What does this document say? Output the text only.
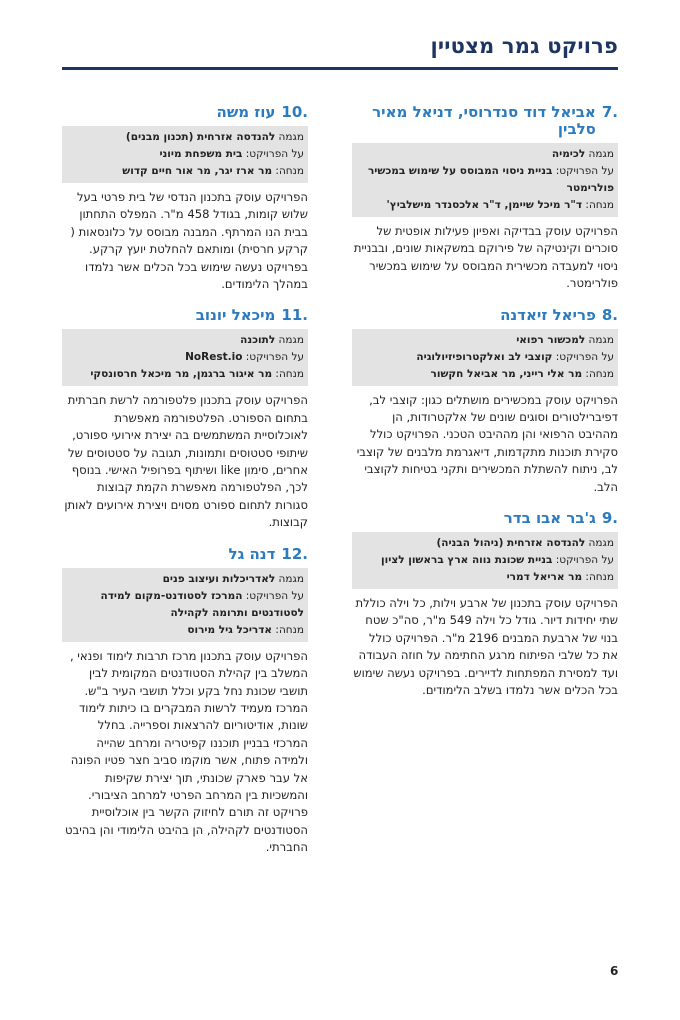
פרויקט גמר מצטיין
7.
אביאל דוד סנדרוסי, דניאל מאיר סלבין
מגמה לכימיה
על הפרויקט: בניית ניסוי המבוסס על שימוש במכשיר פולרימטר
מנחה: ד"ר מיכל שיימן, ד"ר אלכסנדר מישלביץ'

הפרויקט עוסק בבדיקה ואפיון פעילות אופטית של סוכרים וקינטיקה של פירוקם במשקאות שונים, ובבניית ניסוי למעבדה מכשירית המבוסס על שימוש במכשיר פולרימטר.

8.
פריאל זיאדנה
מגמה למכשור רפואי
על הפרויקט: קוצבי לב ואלקטרופיזיולוגיה
מנחה: מר אלי רייני, מר אביאל חקשור

הפרויקט עוסק במכשירים מושתלים כגון: קוצבי לב, דפיברילטורים וסוגים שונים של אלקטרודות, הן מההיבט הרפואי והן מההיבט הטכני. הפרויקט כולל סקירת תוכנות מתקדמות, דיאגרמת מלבנים של קוצבי לב, ניתוח להשתלת המכשירים ותקני בטיחות לקוצבי הלב.

9.
ג'בר אבו בדר
מגמה להנדסה אזרחית (ניהול הבניה)
על הפרויקט: בניית שכונת נווה ארץ בראשון לציון
מנחה: מר אריאל דמרי

הפרויקט עוסק בתכנון של ארבע וילות, כל וילה כוללת שתי יחידות דיור. גודל כל וילה 549 מ"ר, סה"כ שטח בנוי של ארבעת המבנים 2196 מ"ר. הפרויקט כולל את כל שלבי הפיתוח מרגע החתימה על חוזה העבודה ועד למסירת המפתחות לדיירים. בפרויקט נעשה שימוש בכל הכלים אשר נלמדו בשלב הלימודים.

10.
עוז משה
מגמה להנדסה אזרחית (תכנון מבנים)
על הפרויקט: בית משפחת מיוני
מנחה: מר ארז יגר, מר אור חיים קדוש

הפרויקט עוסק בתכנון הנדסי של בית פרטי בעל שלוש קומות, בגודל 458 מ"ר. המפלס התחתון בבית הנו המרתף. המבנה מבוסס על כלונסאות ( קרקע חרסית) ומותאם להחלטת יועץ קרקע. בפרויקט נעשה שימוש בכל הכלים אשר נלמדו במהלך הלימודים.

11.
מיכאל יונוב
מגמה לתוכנה
על הפרויקט: NoRest.io
מנחה: מר איגור ברגמן, מר מיכאל חרסונסקי

הפרויקט עוסק בתכנון פלטפורמה לרשת חברתית בתחום הספורט. הפלטפורמה מאפשרת לאוכלוסיית המשתמשים בה יצירת אירועי ספורט, שיתופי סטטוסים ותמונות, תגובה על סטטוסים של אחרים, סימון like ושיתוף בפרופיל האישי. בנוסף לכך, הפלטפורמה מאפשרת הקמת קבוצות סגורות לתחום ספורט מסוים ויצירת אירועים לאותן קבוצות.

12.
דנה גל
מגמה לאדריכלות ועיצוב פנים
על הפרויקט: המרכז לסטודנט-מקום למידה לסטודנטים ותרומה לקהילה
מנחה: אדריכל גיל מירוס

הפרויקט עוסק בתכנון מרכז תרבות לימוד ופנאי , המשלב בין קהילת הסטודנטים המקומית לבין תושבי שכונת נחל בקע וכלל תושבי העיר ב"ש. המרכז מעמיד לרשות המבקרים בו כיתות לימוד שונות, אודיטוריום להרצאות וספרייה. בחלל המרכזי בבניין תוכננו קפיטריה ומרחב שהייה ולמידה פתוח, אשר מוקמו סביב חצר פטיו הפונה אל עבר פארק שכונתי, תוך יצירת שקיפות והמשכיות בין המרחב הפרטי למרחב הציבורי. פרויקט זה תורם לחיזוק הקשר בין אוכלוסיית הסטודנטים לקהילה, הן בהיבט הלימודי והן בהיבט החברתי.

6
